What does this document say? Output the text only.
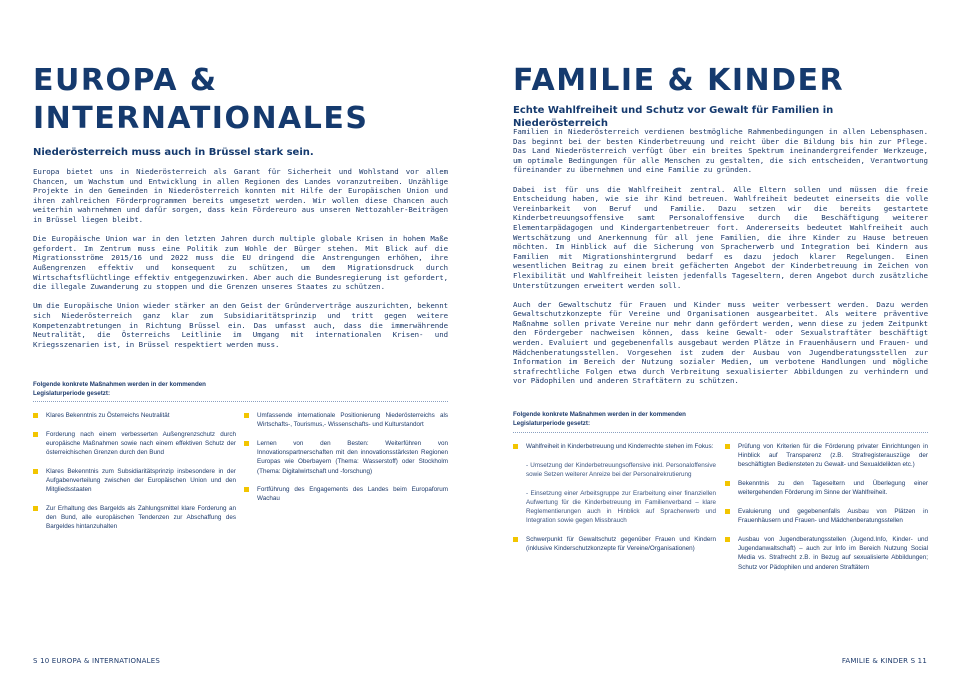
EUROPA &
INTERNATIONALES
Niederösterreich muss auch in Brüssel stark sein.

Europa bietet uns in Niederösterreich als Garant für Sicherheit und Wohlstand vor allem Chancen, um Wachstum und Entwicklung in allen Regionen des Landes voranzutreiben. Unzählige Projekte in den Gemeinden in Niederösterreich konnten mit Hilfe der Europäischen Union und ihren zahlreichen Förderprogrammen bereits umgesetzt werden. Wir wollen diese Chancen auch weiterhin wahrnehmen und dafür sorgen, dass kein Fördereuro aus unseren Nettozahler-Beiträgen in Brüssel liegen bleibt.

Die Europäische Union war in den letzten Jahren durch multiple globale Krisen in hohem Maße gefordert. Im Zentrum muss eine Politik zum Wohle der Bürger stehen. Mit Blick auf die Migrationsströme 2015/16 und 2022 muss die EU dringend die Anstrengungen erhöhen, ihre Außengrenzen effektiv und konsequent zu schützen, um dem Migrationsdruck durch Wirtschaftsflüchtlinge effektiv entgegenzuwirken. Aber auch die Bundesregierung ist gefordert, die illegale Zuwanderung zu stoppen und die Grenzen unseres Staates zu schützen.

Um die Europäische Union wieder stärker an den Geist der Gründerverträge auszurichten, bekennt sich Niederösterreich ganz klar zum Subsidiaritätsprinzip und tritt gegen weitere Kompetenzabtretungen in Richtung Brüssel ein. Das umfasst auch, dass die immerwährende Neutralität, die Österreichs Leitlinie im Umgang mit internationalen Krisen- und Kriegsszenarien ist, in Brüssel respektiert werden muss.

Folgende konkrete Maßnahmen werden in der kommenden Legislaturperiode gesetzt:
Klares Bekenntnis zu Österreichs Neutralität
Forderung nach einem verbesserten Außengrenzschutz durch europäische Maßnahmen sowie nach einem effektiven Schutz der österreichischen Grenzen durch den Bund
Klares Bekenntnis zum Subsidiaritätsprinzip insbesondere in der Aufgabenverteilung zwischen der Europäischen Union und den Mitgliedsstaaten
Zur Erhaltung des Bargelds als Zahlungsmittel klare Forderung an den Bund, alle europäischen Tendenzen zur Abschaffung des Bargeldes hintanzuhalten
Umfassende internationale Positionierung Niederösterreichs als Wirtschafts-, Tourismus,- Wissenschafts- und Kulturstandort
Lernen von den Besten: Weiterführen von Innovationspartnerschaften mit den innovationsstärksten Regionen Europas wie Oberbayern (Thema: Wasserstoff) oder Stockholm (Thema: Digitalwirtschaft und -forschung)
Fortführung des Engagements des Landes beim Europaforum Wachau
S 10 EUROPA & INTERNATIONALES
FAMILIE & KINDER
Echte Wahlfreiheit und Schutz vor Gewalt für Familien in Niederösterreich

Familien in Niederösterreich verdienen bestmögliche Rahmenbedingungen in allen Lebensphasen. Das beginnt bei der besten Kinderbetreuung und reicht über die Bildung bis hin zur Pflege. Das Land Niederösterreich verfügt über ein breites Spektrum ineinandergreifender Werkzeuge, um optimale Bedingungen für alle Menschen zu gestalten, die sich entscheiden, Verantwortung füreinander zu übernehmen und eine Familie zu gründen.

Dabei ist für uns die Wahlfreiheit zentral. Alle Eltern sollen und müssen die freie Entscheidung haben, wie sie ihr Kind betreuen. Wahlfreiheit bedeutet einerseits die volle Vereinbarkeit von Beruf und Familie. Dazu setzen wir die bereits gestartete Kinderbetreuungsoffensive samt Personaloffensive durch die Beschäftigung weiterer Elementarpädagogen und Kindergartenbetreuer fort. Andererseits bedeutet Wahlfreiheit auch Wertschätzung und Anerkennung für all jene Familien, die ihre Kinder zu Hause betreuen möchten. Im Hinblick auf die Sicherung von Spracherwerb und Integration bei Kindern aus Familien mit Migrationshintergrund bedarf es dazu jedoch klarer Regelungen. Einen wesentlichen Beitrag zu einem breit gefächerten Angebot der Kinderbetreuung im Zeichen von Flexibilität und Wahlfreiheit leisten jedenfalls Tageseltern, deren Angebot durch zusätzliche Unterstützungen erweitert werden soll.

Auch der Gewaltschutz für Frauen und Kinder muss weiter verbessert werden. Dazu werden Gewaltschutzkonzepte für Vereine und Organisationen ausgearbeitet. Als weitere präventive Maßnahme sollen private Vereine nur mehr dann gefördert werden, wenn diese zu jedem Zeitpunkt den Fördergeber nachweisen können, dass keine Gewalt- oder Sexualstraftäter beschäftigt werden. Evaluiert und gegebenenfalls ausgebaut werden Plätze in Frauenhäusern und Frauen- und Mädchenberatungsstellen. Vorgesehen ist zudem der Ausbau von Jugendberatungsstellen zur Information im Bereich der Nutzung sozialer Medien, um verbotene Handlungen und mögliche strafrechtliche Folgen etwa durch Verbreitung sexualisierter Abbildungen zu verhindern und vor Pädophilen und anderen Straftätern zu schützen.

Folgende konkrete Maßnahmen werden in der kommenden Legislaturperiode gesetzt:
Wahlfreiheit in Kinderbetreuung und Kinderrechte stehen im Fokus:
- Umsetzung der Kinderbetreuungsoffensive inkl. Personaloffensive sowie Setzen weiterer Anreize bei der Personalrekrutierung
- Einsetzung einer Arbeitsgruppe zur Erarbeitung einer finanziellen Aufwertung für die Kinderbetreuung im Familienverband – klare Reglementierungen auch in Hinblick auf Spracherwerb und Integration sowie gegen Missbrauch
Schwerpunkt für Gewaltschutz gegenüber Frauen und Kindern (inklusive Kinderschutzkonzepte für Vereine/Organisationen)
Prüfung von Kriterien für die Förderung privater Einrichtungen in Hinblick auf Transparenz (z.B. Strafregisterauszüge der beschäftigten Bediensteten zu Gewalt- und Sexualdelikten etc.)
Bekenntnis zu den Tageseltern und Überlegung einer weitergehenden Förderung im Sinne der Wahlfreiheit.
Evaluierung und gegebenenfalls Ausbau von Plätzen in Frauenhäusern und Frauen- und Mädchenberatungsstellen
Ausbau von Jugendberatungsstellen (Jugend.Info, Kinder- und Jugendanwaltschaft) – auch zur Info im Bereich Nutzung Social Media vs. Strafrecht z.B. in Bezug auf sexualisierte Abbildungen; Schutz vor Pädophilen und anderen Straftätern
FAMILIE & KINDER S 11
